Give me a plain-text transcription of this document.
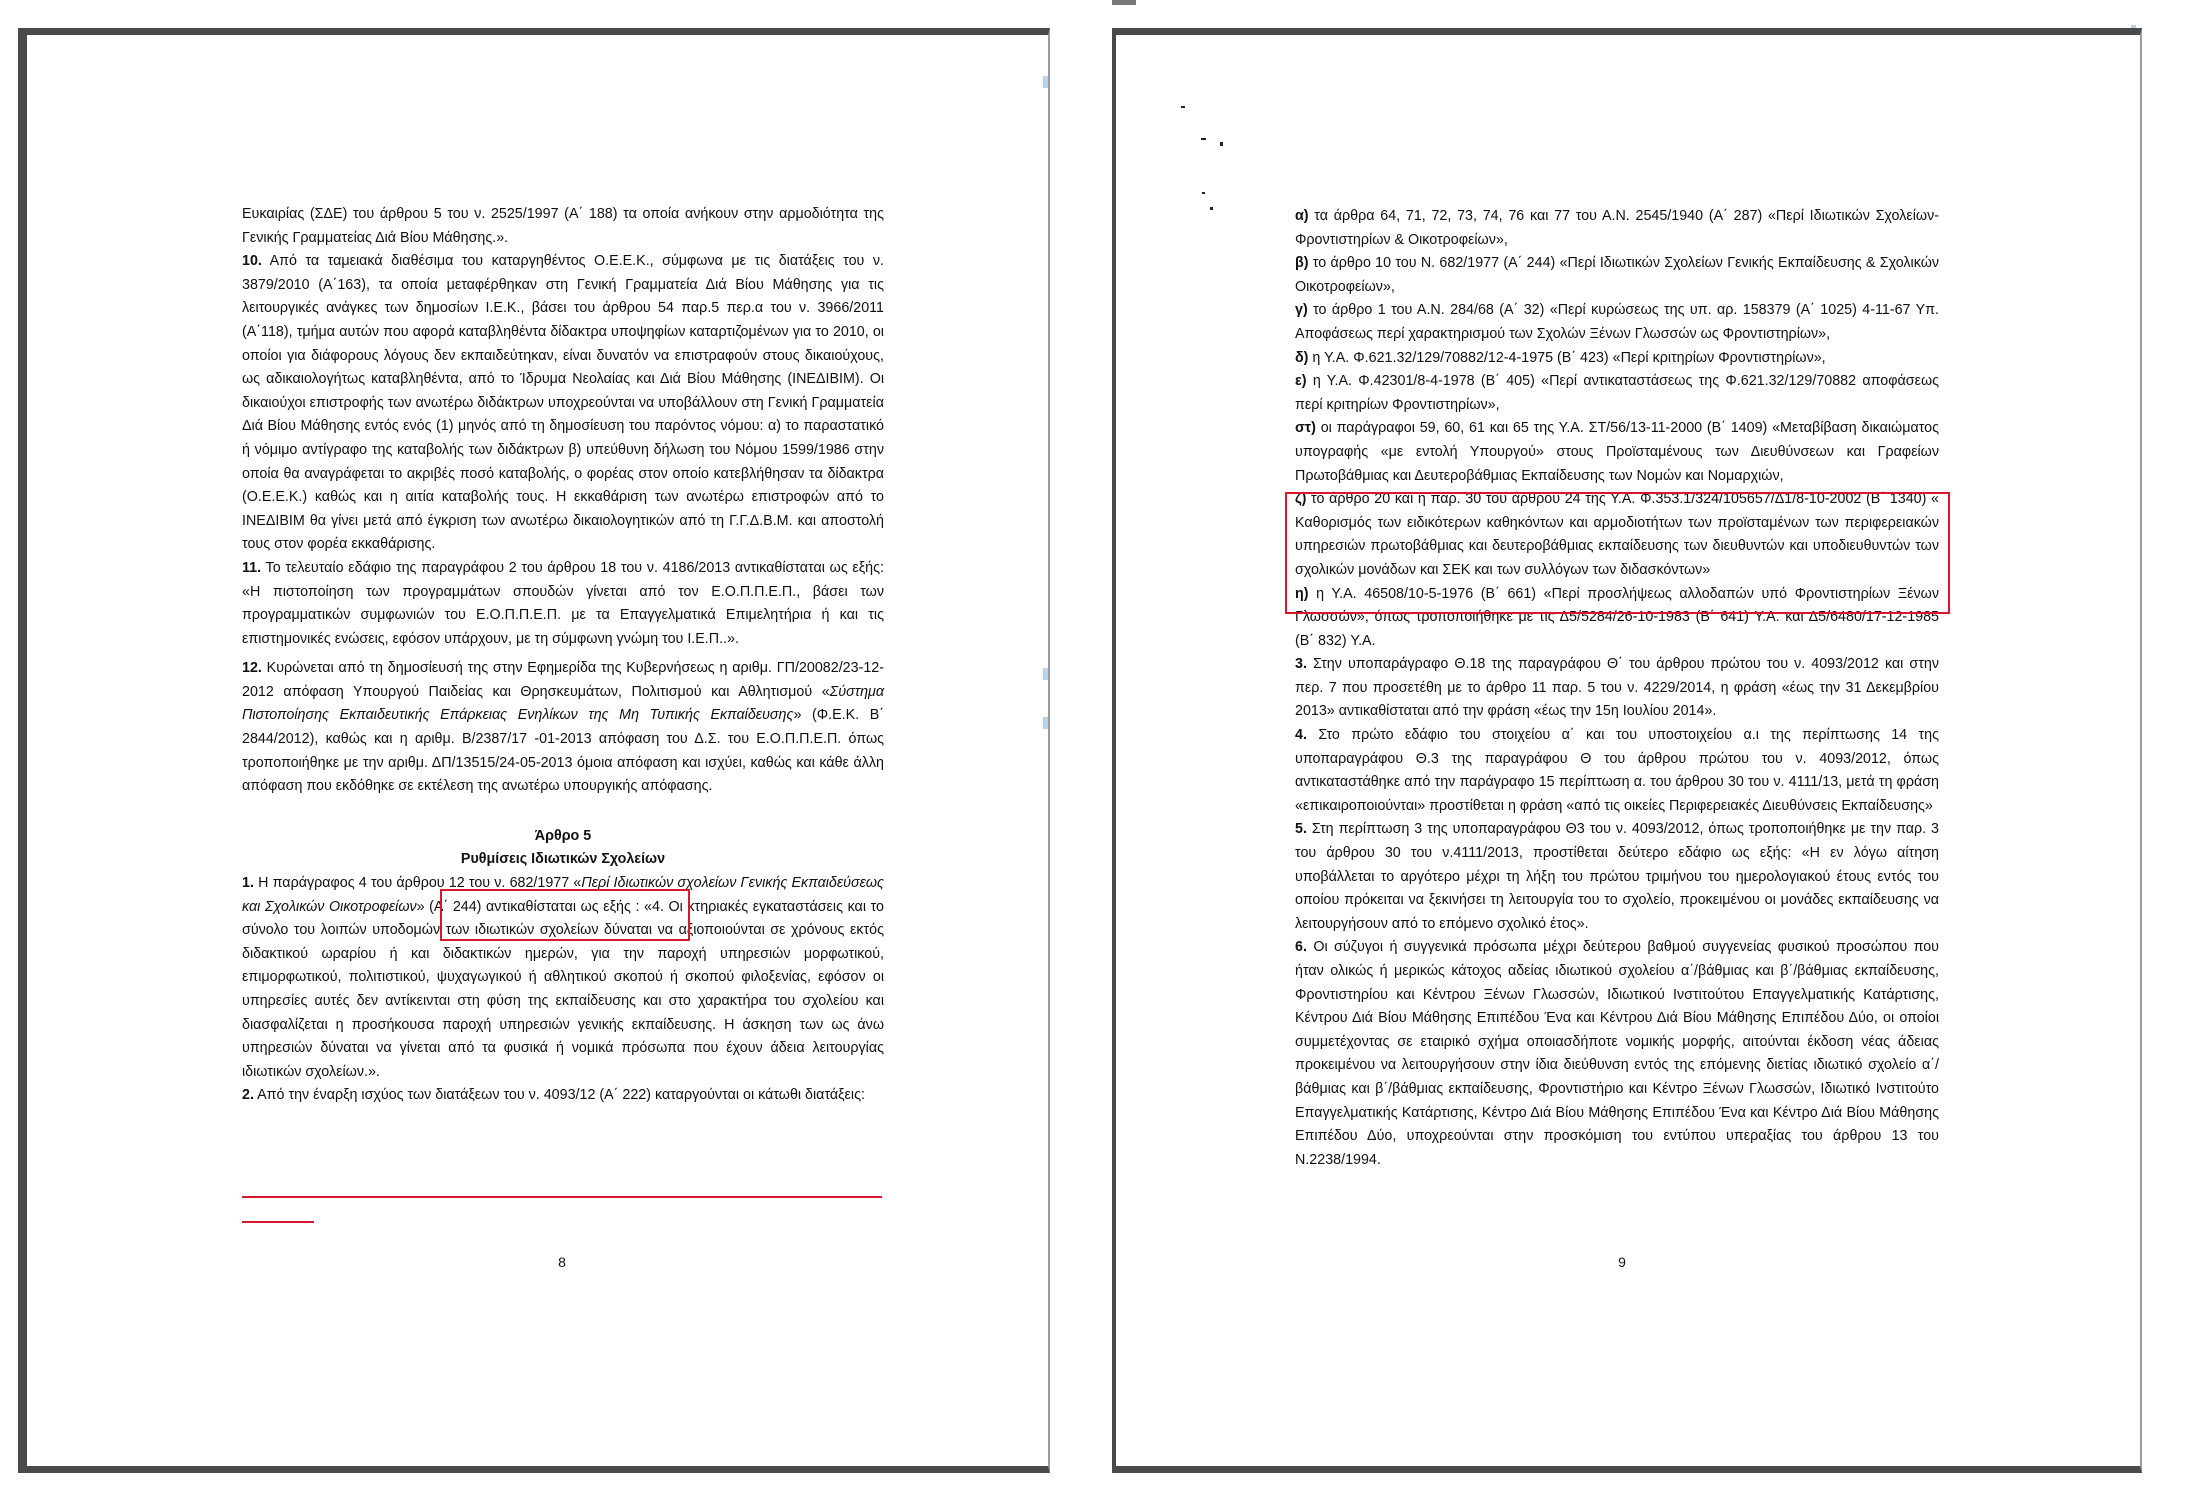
Ευκαιρίας (ΣΔΕ) του άρθρου 5 του ν. 2525/1997 (Α΄ 188) τα οποία ανήκουν στην αρμοδιότητα της Γενικής Γραμματείας Διά Βίου Μάθησης.».

10. Από τα ταμειακά διαθέσιμα του καταργηθέντος Ο.Ε.Ε.Κ., σύμφωνα με τις διατάξεις του ν. 3879/2010 (Α΄163), τα οποία μεταφέρθηκαν στη Γενική Γραμματεία Διά Βίου Μάθησης για τις λειτουργικές ανάγκες των δημοσίων Ι.Ε.Κ., βάσει του άρθρου 54 παρ.5 περ.α του ν. 3966/2011 (Α΄118), τμήμα αυτών που αφορά καταβληθέντα δίδακτρα υποψηφίων καταρτιζομένων για το 2010, οι οποίοι για διάφορους λόγους δεν εκπαιδεύτηκαν, είναι δυνατόν να επιστραφούν στους δικαιούχους, ως αδικαιολογήτως καταβληθέντα, από το Ίδρυμα Νεολαίας και Διά Βίου Μάθησης (ΙΝΕΔΙΒΙΜ). Οι δικαιούχοι επιστροφής των ανωτέρω διδάκτρων υποχρεούνται να υποβάλλουν στη Γενική Γραμματεία Διά Βίου Μάθησης εντός ενός (1) μηνός από τη δημοσίευση του παρόντος νόμου: α) το παραστατικό ή νόμιμο αντίγραφο της καταβολής των διδάκτρων β) υπεύθυνη δήλωση του Νόμου 1599/1986 στην οποία θα αναγράφεται το ακριβές ποσό καταβολής, ο φορέας στον οποίο κατεβλήθησαν τα δίδακτρα (Ο.Ε.Ε.Κ.) καθώς και η αιτία καταβολής τους. Η εκκαθάριση των ανωτέρω επιστροφών από το ΙΝΕΔΙΒΙΜ θα γίνει μετά από έγκριση των ανωτέρω δικαιολογητικών από τη Γ.Γ.Δ.Β.Μ. και αποστολή τους στον φορέα εκκαθάρισης.

11. Το τελευταίο εδάφιο της παραγράφου 2 του άρθρου 18 του ν. 4186/2013 αντικαθίσταται ως εξής: «Η πιστοποίηση των προγραμμάτων σπουδών γίνεται από τον Ε.Ο.Π.Π.Ε.Π., βάσει των προγραμματικών συμφωνιών του Ε.Ο.Π.Π.Ε.Π. με τα Επαγγελματικά Επιμελητήρια ή και τις επιστημονικές ενώσεις, εφόσον υπάρχουν, με τη σύμφωνη γνώμη του Ι.Ε.Π..».

12. Κυρώνεται από τη δημοσίευσή της στην Εφημερίδα της Κυβερνήσεως η αριθμ. ΓΠ/20082/23-12-2012 απόφαση Υπουργού Παιδείας και Θρησκευμάτων, Πολιτισμού και Αθλητισμού «Σύστημα Πιστοποίησης Εκπαιδευτικής Επάρκειας Ενηλίκων της Μη Τυπικής Εκπαίδευσης» (Φ.Ε.Κ. Β΄ 2844/2012), καθώς και η αριθμ. Β/2387/17 -01-2013 απόφαση του Δ.Σ. του Ε.Ο.Π.Π.Ε.Π. όπως τροποποιήθηκε με την αριθμ. ΔΠ/13515/24-05-2013 όμοια απόφαση και ισχύει, καθώς και κάθε άλλη απόφαση που εκδόθηκε σε εκτέλεση της ανωτέρω υπουργικής απόφασης.

Άρθρο 5

Ρυθμίσεις Ιδιωτικών Σχολείων

1. Η παράγραφος 4 του άρθρου 12 του ν. 682/1977 «Περί Ιδιωτικών σχολείων Γενικής Εκπαιδεύσεως και Σχολικών Οικοτροφείων» (Α΄ 244) αντικαθίσταται ως εξής : «4. Οι κτηριακές εγκαταστάσεις και το σύνολο του λοιπών υποδομών των ιδιωτικών σχολείων δύναται να αξιοποιούνται σε χρόνους εκτός διδακτικού ωραρίου ή και διδακτικών ημερών, για την παροχή υπηρεσιών μορφωτικού, επιμορφωτικού, πολιτιστικού, ψυχαγωγικού ή αθλητικού σκοπού ή σκοπού φιλοξενίας, εφόσον οι υπηρεσίες αυτές δεν αντίκεινται στη φύση της εκπαίδευσης και στο χαρακτήρα του σχολείου και διασφαλίζεται η προσήκουσα παροχή υπηρεσιών γενικής εκπαίδευσης. Η άσκηση των ως άνω υπηρεσιών δύναται να γίνεται από τα φυσικά ή νομικά πρόσωπα που έχουν άδεια λειτουργίας ιδιωτικών σχολείων.».

2. Από την έναρξη ισχύος των διατάξεων του ν. 4093/12 (Α΄ 222) καταργούνται οι κάτωθι διατάξεις:

8

α) τα άρθρα 64, 71, 72, 73, 74, 76 και 77 του Α.Ν. 2545/1940 (Α΄ 287) «Περί Ιδιωτικών Σχολείων-Φροντιστηρίων & Οικοτροφείων»,

β) το άρθρο 10 του Ν. 682/1977 (Α΄ 244) «Περί Ιδιωτικών Σχολείων Γενικής Εκπαίδευσης & Σχολικών Οικοτροφείων»,

γ) το άρθρο 1 του Α.Ν. 284/68 (Α΄ 32) «Περί κυρώσεως της υπ. αρ. 158379 (Α΄ 1025) 4-11-67 Υπ. Αποφάσεως περί χαρακτηρισμού των Σχολών Ξένων Γλωσσών ως Φροντιστηρίων»,

δ) η Υ.Α. Φ.621.32/129/70882/12-4-1975 (Β΄ 423) «Περί κριτηρίων Φροντιστηρίων»,

ε) η Υ.Α. Φ.42301/8-4-1978 (Β΄ 405) «Περί αντικαταστάσεως της Φ.621.32/129/70882 αποφάσεως περί κριτηρίων Φροντιστηρίων»,

στ) οι παράγραφοι 59, 60, 61 και 65 της Υ.Α. ΣΤ/56/13-11-2000 (Β΄ 1409) «Μεταβίβαση δικαιώματος υπογραφής «με εντολή Υπουργού» στους Προϊσταμένους των Διευθύνσεων και Γραφείων Πρωτοβάθμιας και Δευτεροβάθμιας Εκπαίδευσης των Νομών και Νομαρχιών,

ζ) το άρθρο 20 και η παρ. 30 του άρθρου 24 της Υ.Α. Φ.353.1/324/105657/Δ1/8-10-2002 (Β΄ 1340) « Καθορισμός των ειδικότερων καθηκόντων και αρμοδιοτήτων των προϊσταμένων των περιφερειακών υπηρεσιών πρωτοβάθμιας και δευτεροβάθμιας εκπαίδευσης των διευθυντών και υποδιευθυντών των σχολικών μονάδων και ΣΕΚ και των συλλόγων των διδασκόντων»

η) η Υ.Α. 46508/10-5-1976 (Β΄ 661) «Περί προσλήψεως αλλοδαπών υπό Φροντιστηρίων Ξένων Γλωσσών», όπως τροποποιήθηκε με τις Δ5/5284/26-10-1983 (Β΄ 641) Υ.Α. και Δ5/6480/17-12-1985 (Β΄ 832) Υ.Α.

3. Στην υποπαράγραφο Θ.18 της παραγράφου Θ΄ του άρθρου πρώτου του ν. 4093/2012 και στην περ. 7 που προσετέθη με το άρθρο 11 παρ. 5 του ν. 4229/2014, η φράση «έως την 31 Δεκεμβρίου 2013» αντικαθίσταται από την φράση «έως την 15η Ιουλίου 2014».

4. Στο πρώτο εδάφιο του στοιχείου α΄ και του υποστοιχείου α.ι της περίπτωσης 14 της υποπαραγράφου Θ.3 της παραγράφου Θ του άρθρου πρώτου του ν. 4093/2012, όπως αντικαταστάθηκε από την παράγραφο 15 περίπτωση α. του άρθρου 30 του ν. 4111/13, μετά τη φράση «επικαιροποιούνται» προστίθεται η φράση «από τις οικείες Περιφερειακές Διευθύνσεις Εκπαίδευσης»

5. Στη περίπτωση 3 της υποπαραγράφου Θ3 του ν. 4093/2012, όπως τροποποιήθηκε με την παρ. 3 του άρθρου 30 του ν.4111/2013, προστίθεται δεύτερο εδάφιο ως εξής: «Η εν λόγω αίτηση υποβάλλεται το αργότερο μέχρι τη λήξη του πρώτου τριμήνου του ημερολογιακού έτους εντός του οποίου πρόκειται να ξεκινήσει τη λειτουργία του το σχολείο, προκειμένου οι μονάδες εκπαίδευσης να λειτουργήσουν από το επόμενο σχολικό έτος».

6. Οι σύζυγοι ή συγγενικά πρόσωπα μέχρι δεύτερου βαθμού συγγενείας φυσικού προσώπου που ήταν ολικώς ή μερικώς κάτοχος αδείας ιδιωτικού σχολείου α΄/βάθμιας και β΄/βάθμιας εκπαίδευσης, Φροντιστηρίου και Κέντρου Ξένων Γλωσσών, Ιδιωτικού Ινστιτούτου Επαγγελματικής Κατάρτισης, Κέντρου Διά Βίου Μάθησης Επιπέδου Ένα και Κέντρου Διά Βίου Μάθησης Επιπέδου Δύο, οι οποίοι συμμετέχοντας σε εταιρικό σχήμα οποιασδήποτε νομικής μορφής, αιτούνται έκδοση νέας άδειας προκειμένου να λειτουργήσουν στην ίδια διεύθυνση εντός της επόμενης διετίας ιδιωτικό σχολείο α΄/βάθμιας και β΄/βάθμιας εκπαίδευσης, Φροντιστήριο και Κέντρο Ξένων Γλωσσών, Ιδιωτικό Ινστιτούτο Επαγγελματικής Κατάρτισης, Κέντρο Διά Βίου Μάθησης Επιπέδου Ένα και Κέντρο Διά Βίου Μάθησης Επιπέδου Δύο, υποχρεούνται στην προσκόμιση του εντύπου υπεραξίας του άρθρου 13 του Ν.2238/1994.

9
